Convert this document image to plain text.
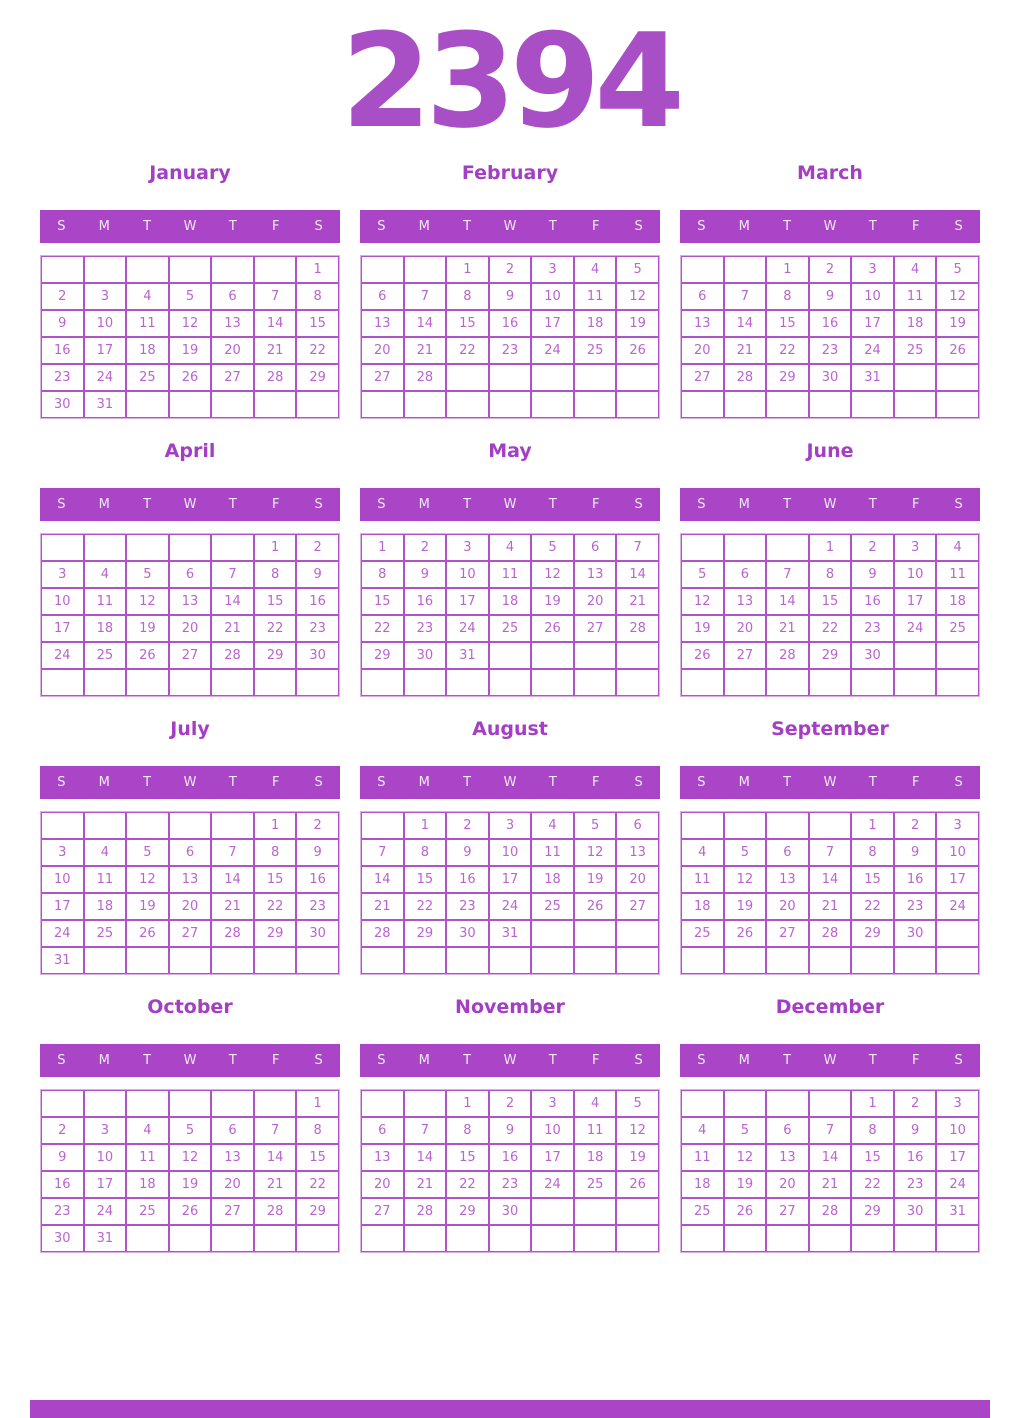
2394
January
S	M	T	W	T	F	S
						1
2	3	4	5	6	7	8
9	10	11	12	13	14	15
16	17	18	19	20	21	22
23	24	25	26	27	28	29
30	31					
February
S	M	T	W	T	F	S
		1	2	3	4	5
6	7	8	9	10	11	12
13	14	15	16	17	18	19
20	21	22	23	24	25	26
27	28					

March
S	M	T	W	T	F	S
		1	2	3	4	5
6	7	8	9	10	11	12
13	14	15	16	17	18	19
20	21	22	23	24	25	26
27	28	29	30	31		

April
S	M	T	W	T	F	S
					1	2
3	4	5	6	7	8	9
10	11	12	13	14	15	16
17	18	19	20	21	22	23
24	25	26	27	28	29	30

May
S	M	T	W	T	F	S
1	2	3	4	5	6	7
8	9	10	11	12	13	14
15	16	17	18	19	20	21
22	23	24	25	26	27	28
29	30	31				

June
S	M	T	W	T	F	S
			1	2	3	4
5	6	7	8	9	10	11
12	13	14	15	16	17	18
19	20	21	22	23	24	25
26	27	28	29	30		

July
S	M	T	W	T	F	S
					1	2
3	4	5	6	7	8	9
10	11	12	13	14	15	16
17	18	19	20	21	22	23
24	25	26	27	28	29	30
31						
August
S	M	T	W	T	F	S
	1	2	3	4	5	6
7	8	9	10	11	12	13
14	15	16	17	18	19	20
21	22	23	24	25	26	27
28	29	30	31			

September
S	M	T	W	T	F	S
				1	2	3
4	5	6	7	8	9	10
11	12	13	14	15	16	17
18	19	20	21	22	23	24
25	26	27	28	29	30	

October
S	M	T	W	T	F	S
						1
2	3	4	5	6	7	8
9	10	11	12	13	14	15
16	17	18	19	20	21	22
23	24	25	26	27	28	29
30	31					
November
S	M	T	W	T	F	S
		1	2	3	4	5
6	7	8	9	10	11	12
13	14	15	16	17	18	19
20	21	22	23	24	25	26
27	28	29	30			

December
S	M	T	W	T	F	S
				1	2	3
4	5	6	7	8	9	10
11	12	13	14	15	16	17
18	19	20	21	22	23	24
25	26	27	28	29	30	31
